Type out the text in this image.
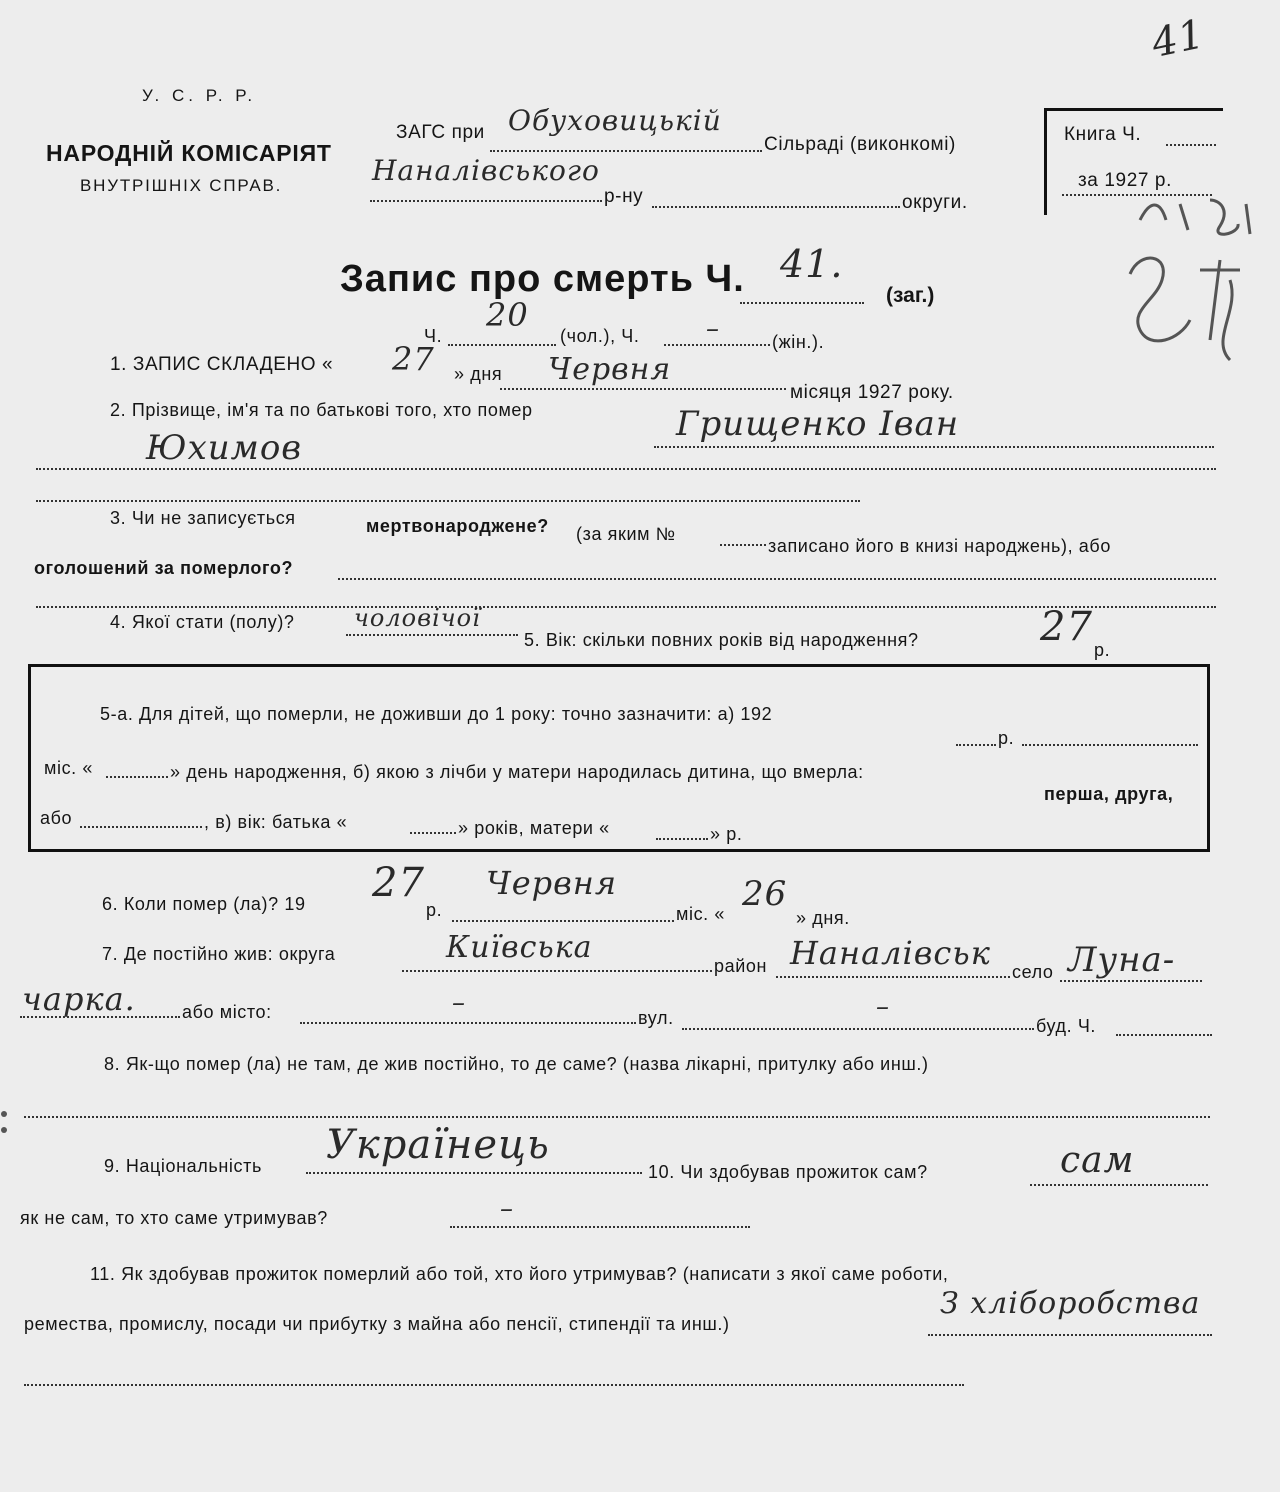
У. С. Р. Р.
НАРОДНІЙ КОМІСАРІЯТ
ВНУТРІШНІХ СПРАВ.
ЗАГС при Обуховицькій
Сільраді (виконкомі)
Наналівського
р-ну	округи.
Книга Ч.
за 1927 р.
41
Запис про смерть Ч. 41.
(заг.)
Ч.
20
(чол.), Ч.	–	(жін.).
1. ЗАПИС СКЛАДЕНО « 27 » дня Червня
місяця 1927 року.
2. Прізвище, ім'я та по батькові того, хто помер	Грищенко Іван
Юхимов
3. Чи не записується	мертвонароджене? (за яким №
записано його в книзі народжень), або
оголошений за померлого?
4. Якої стати (полу)? чоловічої
5. Вік: скільки повних років від народження?	27 р.
5-а. Для дітей, що померли, не доживши до 1 року: точно зазначити: а) 192
р.
міс. «	» день народження, б) якою з лічби у матери народилась дитина, що вмерла:
перша, друга,
або	, в) вік: батька «	» років, матери «	» р.
6. Коли помер (ла)? 19 27
р.
Червня
міс. « 26
» дня.
7. Де постійно жив: округа	Київська
район Наналівськ село Луна-
чарка.	або місто:	–	вул.	–
буд. Ч.
8. Як-що помер (ла) не там, де жив постійно, то де саме? (назва лікарні, притулку або инш.)
9. Національність Українець
10. Чи здобував прожиток сам?	сам
як не сам, то хто саме утримував?	–
11. Як здобував прожиток померлий або той, хто його утримував? (написати з якої саме роботи,
ремества, промислу, посади чи прибутку з майна або пенсії, стипендії та инш.)
З хліборобства
